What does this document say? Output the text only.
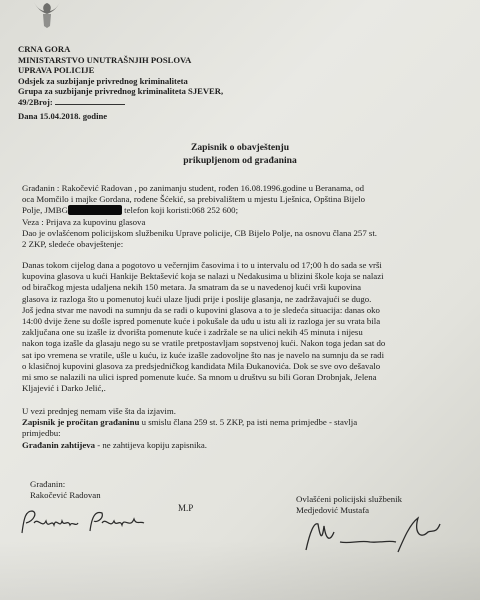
CRNA GORA
MINISTARSTVO UNUTRAŠNJIH POSLOVA
UPRAVA POLICIJE
Odsjek za suzbijanje privrednog kriminaliteta
Grupa za suzbijanje privrednog kriminaliteta SJEVER,
49/2Broj:
Dana 15.04.2018. godine
Zapisnik o obavještenju
prikupljenom od građanina
Građanin : Rakočević Radovan , po zanimanju student, rođen 16.08.1996.godine u Beranama, od
oca Momčilo i majke Gordana, rođene Šćekić, sa prebivalištem u mjestu Lješnica, Opština Bijelo
Polje, JMBG	telefon koji koristi:068 252 600;
Veza : Prijava za kupovinu glasova
Dao je ovlašćenom policijskom službeniku Uprave policije, CB Bijelo Polje, na osnovu člana 257 st.
2 ZKP, sledeće obavještenje:
Danas tokom cijelog dana a pogotovo u večernjim časovima i to u intervalu od 17;00 h do sada se vrši
kupovina glasova u kući Hankije Bektašević koja se nalazi u Nedakusima u blizini škole koja se nalazi
od biračkog mjesta udaljena nekih 150 metara. Ja smatram da se u navedenoj kući vrši kupovina
glasova iz razloga što u pomenutoj kući ulaze ljudi prije i poslije glasanja, ne zadržavajući se dugo.
Još jedna stvar me navodi na sumnju da se radi o kupovini glasova a to je sledeća situacija: danas oko
14:00 dvije žene su došle ispred pomenute kuće i pokušale da uđu u istu ali iz razloga jer su vrata bila
zaključana one su izašle iz dvorišta pomenute kuće i zadržale se na ulici nekih 45 minuta i nijesu
nakon toga izašle da glasaju nego su se vratile pretpostavljam sopstvenoj kući. Nakon toga jedan sat do
sat ipo vremena se vratile, ušle u kuću, iz kuće izašle zadovoljne što nas je navelo na sumnju da se radi
o klasičnoj kupovini glasova za predsjedničkog kandidata Mila Đukanovića. Dok se sve ovo dešavalo
mi smo se nalazili na ulici ispred pomenute kuće. Sa mnom u društvu su bili Goran Drobnjak, Jelena
Kljajević i Darko Jelić,.
U vezi prednjeg nemam više šta da izjavim.
Zapisnik je pročitan građaninu u smislu člana 259 st. 5 ZKP, pa isti nema primjedbe - stavlja
primjedbu:
Građanin zahtijeva - ne zahtijeva kopiju zapisnika.
Građanin:
Rakočević Radovan
M.P
Ovlašćeni policijski službenik
Medjedović Mustafa
